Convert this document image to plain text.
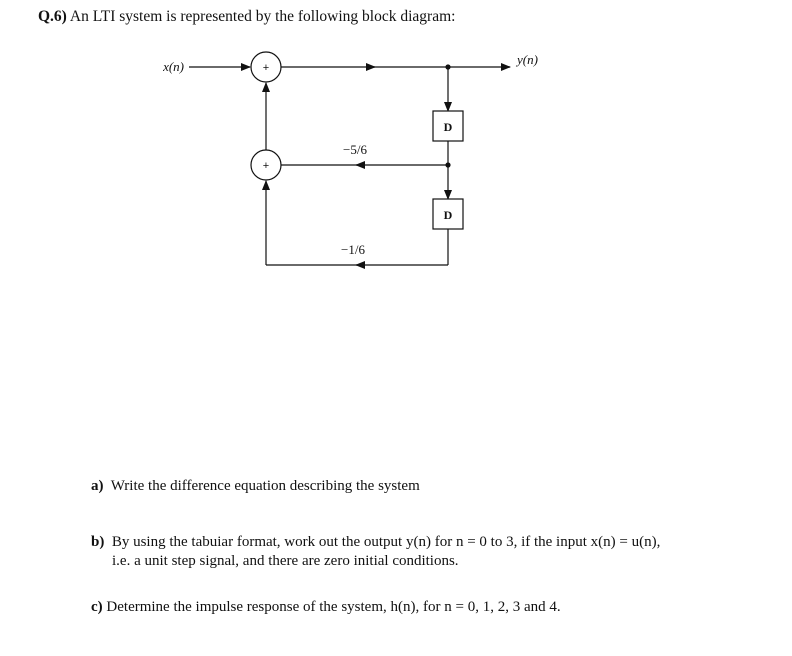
Q.6) An LTI system is represented by the following block diagram:
+
D
−5/6
+
D
−1/6
x(n)	y(n)
a) Write the difference equation describing the system
b) By using the tabuiar format, work out the output y(n) for n = 0 to 3, if the input x(n) = u(n),
i.e. a unit step signal, and there are zero initial conditions.
c) Determine the impulse response of the system, h(n), for n = 0, 1, 2, 3 and 4.
